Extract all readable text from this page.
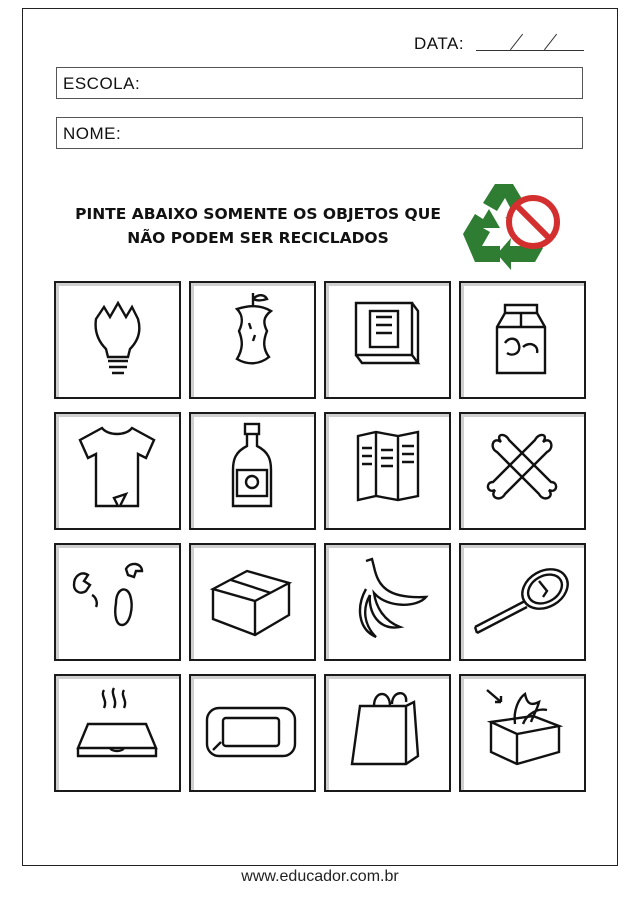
DATA:
ESCOLA:
NOME:
PINTE ABAIXO SOMENTE OS OBJETOS QUE
NÃO PODEM SER RECICLADOS
www.educador.com.br
